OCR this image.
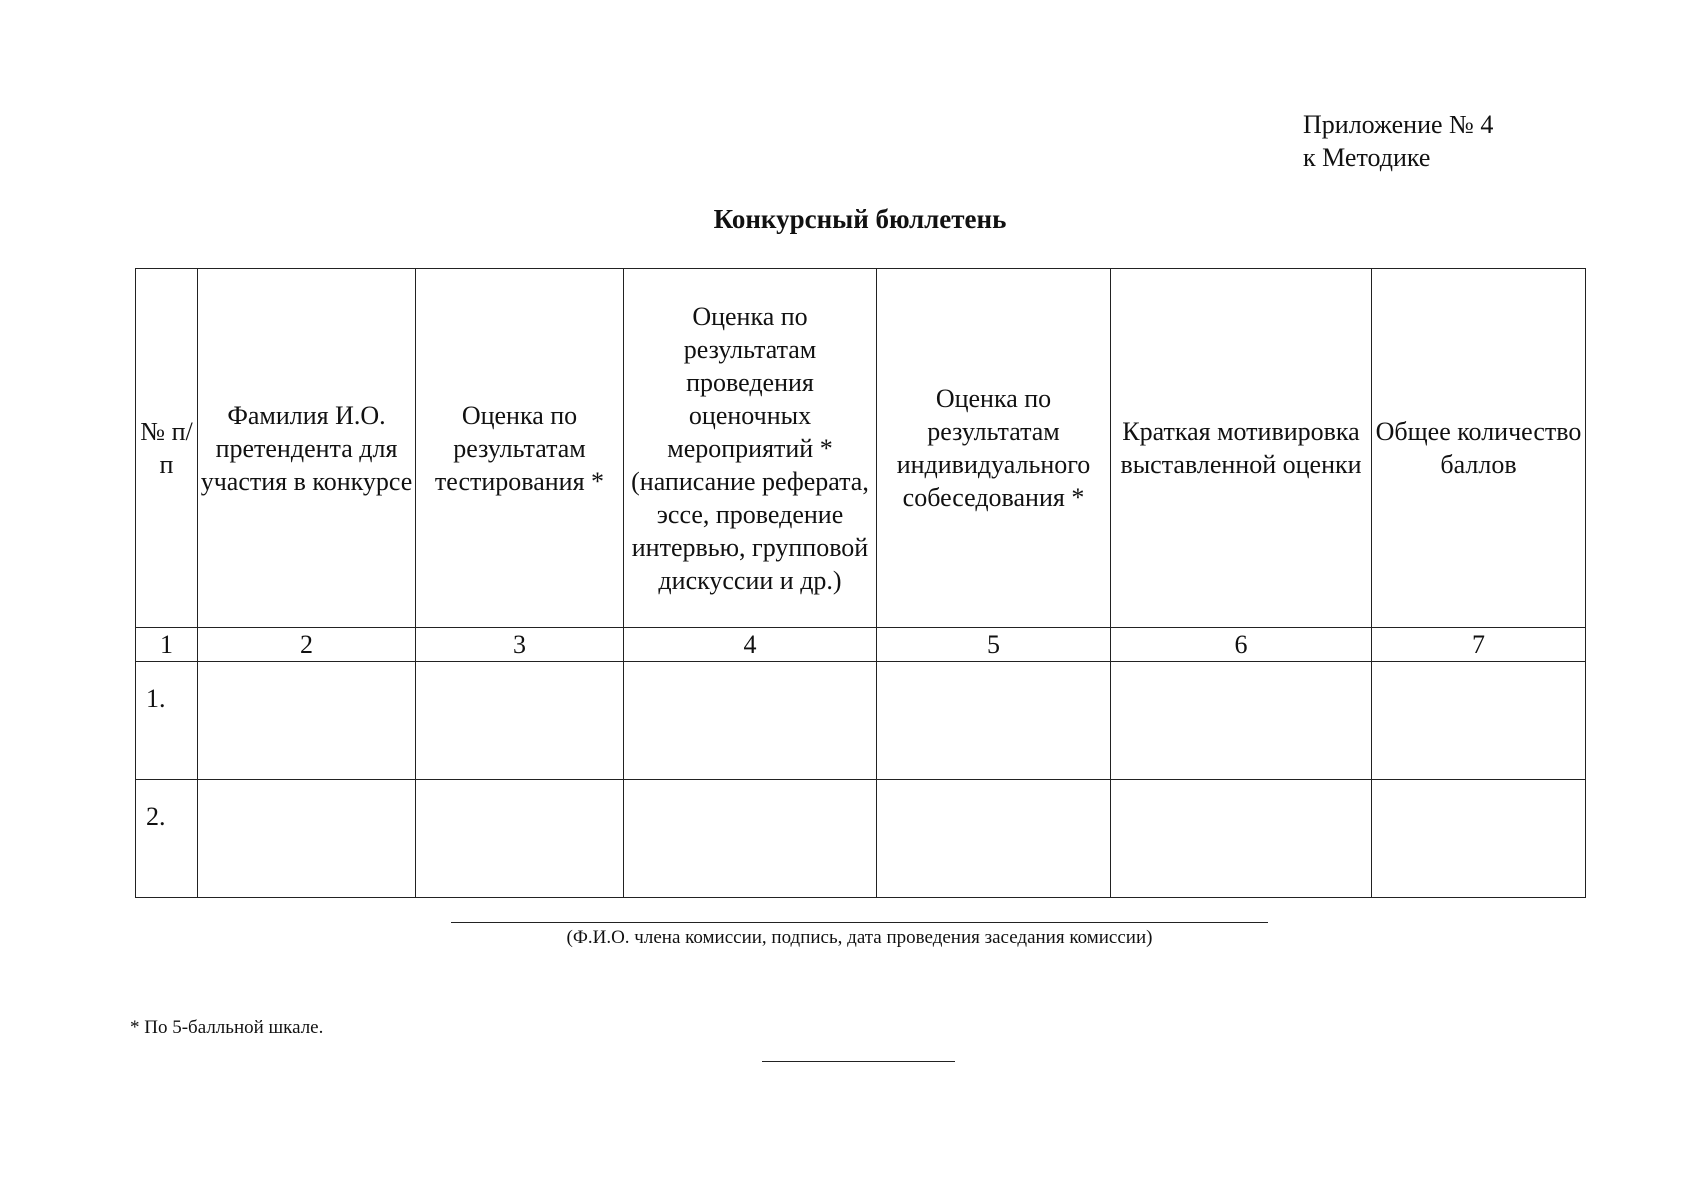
Приложение № 4
к Методике
Конкурсный бюллетень
№ п/п	Фамилия И.О. претендента для участия в конкурсе	Оценка по результатам тестирования *	Оценка по результатам проведения оценочных мероприятий * (написание реферата, эссе, проведение интервью, групповой дискуссии и др.)	Оценка по результатам индивидуального собеседования *	Краткая мотивировка выставленной оценки	Общее количество баллов
1	2	3	4	5	6	7
1.						
2.						
(Ф.И.О. члена комиссии, подпись, дата проведения заседания комиссии)
* По 5-балльной шкале.
